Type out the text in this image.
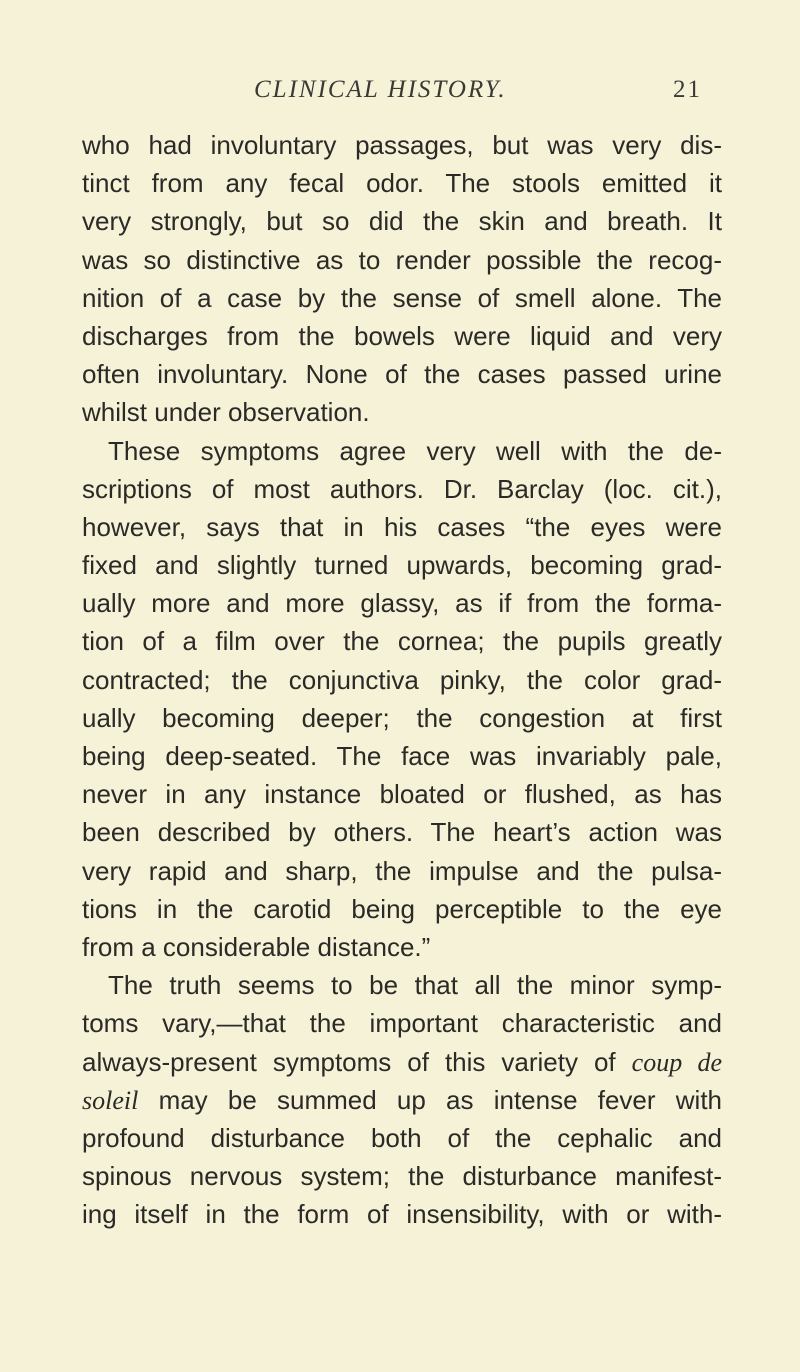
CLINICAL HISTORY.	21
who had involuntary passages, but was very dis-
tinct from any fecal odor. The stools emitted it
very strongly, but so did the skin and breath. It
was so distinctive as to render possible the recog-
nition of a case by the sense of smell alone. The
discharges from the bowels were liquid and very
often involuntary. None of the cases passed urine
whilst under observation.
These symptoms agree very well with the de-
scriptions of most authors. Dr. Barclay (loc. cit.),
however, says that in his cases “the eyes were
fixed and slightly turned upwards, becoming grad-
ually more and more glassy, as if from the forma-
tion of a film over the cornea; the pupils greatly
contracted; the conjunctiva pinky, the color grad-
ually becoming deeper; the congestion at first
being deep-seated. The face was invariably pale,
never in any instance bloated or flushed, as has
been described by others. The heart’s action was
very rapid and sharp, the impulse and the pulsa-
tions in the carotid being perceptible to the eye
from a considerable distance.”
The truth seems to be that all the minor symp-
toms vary,—that the important characteristic and
always-present symptoms of this variety of coup de
soleil may be summed up as intense fever with
profound disturbance both of the cephalic and
spinous nervous system; the disturbance manifest-
ing itself in the form of insensibility, with or with-
